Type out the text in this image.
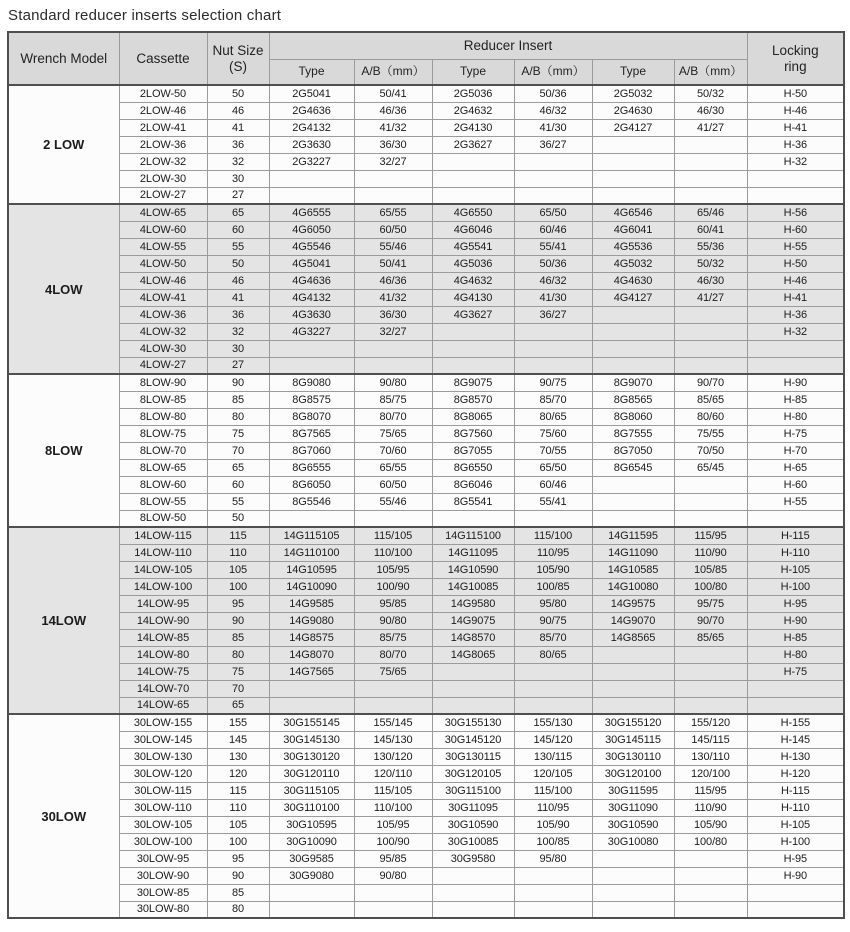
Standard reducer inserts selection chart
Wrench Model	Cassette	Nut Size (S)	Reducer Insert						Locking ring
			Type	A/B（mm）	Type	A/B（mm）	Type	A/B（mm）	
2 LOW	2LOW-50	50	2G5041	50/41	2G5036	50/36	2G5032	50/32	H-50
	2LOW-46	46	2G4636	46/36	2G4632	46/32	2G4630	46/30	H-46
	2LOW-41	41	2G4132	41/32	2G4130	41/30	2G4127	41/27	H-41
	2LOW-36	36	2G3630	36/30	2G3627	36/27			H-36
	2LOW-32	32	2G3227	32/27					H-32
	2LOW-30	30							
	2LOW-27	27							
4LOW	4LOW-65	65	4G6555	65/55	4G6550	65/50	4G6546	65/46	H-56
	4LOW-60	60	4G6050	60/50	4G6046	60/46	4G6041	60/41	H-60
	4LOW-55	55	4G5546	55/46	4G5541	55/41	4G5536	55/36	H-55
	4LOW-50	50	4G5041	50/41	4G5036	50/36	4G5032	50/32	H-50
	4LOW-46	46	4G4636	46/36	4G4632	46/32	4G4630	46/30	H-46
	4LOW-41	41	4G4132	41/32	4G4130	41/30	4G4127	41/27	H-41
	4LOW-36	36	4G3630	36/30	4G3627	36/27			H-36
	4LOW-32	32	4G3227	32/27					H-32
	4LOW-30	30							
	4LOW-27	27							
8LOW	8LOW-90	90	8G9080	90/80	8G9075	90/75	8G9070	90/70	H-90
	8LOW-85	85	8G8575	85/75	8G8570	85/70	8G8565	85/65	H-85
	8LOW-80	80	8G8070	80/70	8G8065	80/65	8G8060	80/60	H-80
	8LOW-75	75	8G7565	75/65	8G7560	75/60	8G7555	75/55	H-75
	8LOW-70	70	8G7060	70/60	8G7055	70/55	8G7050	70/50	H-70
	8LOW-65	65	8G6555	65/55	8G6550	65/50	8G6545	65/45	H-65
	8LOW-60	60	8G6050	60/50	8G6046	60/46			H-60
	8LOW-55	55	8G5546	55/46	8G5541	55/41			H-55
	8LOW-50	50							
14LOW	14LOW-115	115	14G115105	115/105	14G115100	115/100	14G11595	115/95	H-115
	14LOW-110	110	14G110100	110/100	14G11095	110/95	14G11090	110/90	H-110
	14LOW-105	105	14G10595	105/95	14G10590	105/90	14G10585	105/85	H-105
	14LOW-100	100	14G10090	100/90	14G10085	100/85	14G10080	100/80	H-100
	14LOW-95	95	14G9585	95/85	14G9580	95/80	14G9575	95/75	H-95
	14LOW-90	90	14G9080	90/80	14G9075	90/75	14G9070	90/70	H-90
	14LOW-85	85	14G8575	85/75	14G8570	85/70	14G8565	85/65	H-85
	14LOW-80	80	14G8070	80/70	14G8065	80/65			H-80
	14LOW-75	75	14G7565	75/65					H-75
	14LOW-70	70							
	14LOW-65	65							
30LOW	30LOW-155	155	30G155145	155/145	30G155130	155/130	30G155120	155/120	H-155
	30LOW-145	145	30G145130	145/130	30G145120	145/120	30G145115	145/115	H-145
	30LOW-130	130	30G130120	130/120	30G130115	130/115	30G130110	130/110	H-130
	30LOW-120	120	30G120110	120/110	30G120105	120/105	30G120100	120/100	H-120
	30LOW-115	115	30G115105	115/105	30G115100	115/100	30G11595	115/95	H-115
	30LOW-110	110	30G110100	110/100	30G11095	110/95	30G11090	110/90	H-110
	30LOW-105	105	30G10595	105/95	30G10590	105/90	30G10590	105/90	H-105
	30LOW-100	100	30G10090	100/90	30G10085	100/85	30G10080	100/80	H-100
	30LOW-95	95	30G9585	95/85	30G9580	95/80			H-95
	30LOW-90	90	30G9080	90/80					H-90
	30LOW-85	85							
	30LOW-80	80							
